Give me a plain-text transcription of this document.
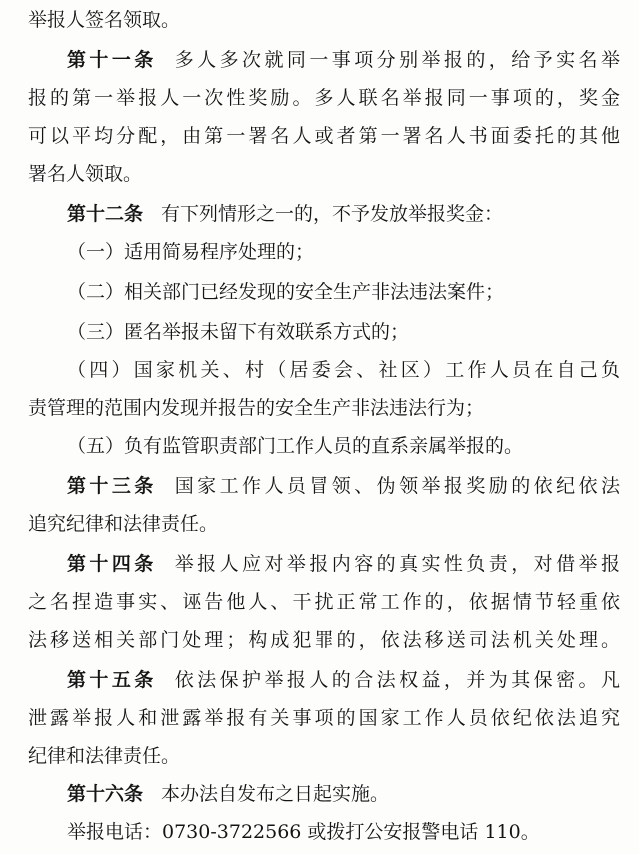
举报人签名领取。
第十一条 多人多次就同一事项分别举报的，给予实名举
报的第一举报人一次性奖励。多人联名举报同一事项的，奖金
可以平均分配，由第一署名人或者第一署名人书面委托的其他
署名人领取。
第十二条 有下列情形之一的，不予发放举报奖金：
（一）适用简易程序处理的；
（二）相关部门已经发现的安全生产非法违法案件；
（三）匿名举报未留下有效联系方式的；
（四）国家机关、村（居委会、社区）工作人员在自己负
责管理的范围内发现并报告的安全生产非法违法行为；
（五）负有监管职责部门工作人员的直系亲属举报的。
第十三条 国家工作人员冒领、伪领举报奖励的依纪依法
追究纪律和法律责任。
第十四条 举报人应对举报内容的真实性负责，对借举报
之名捏造事实、诬告他人、干扰正常工作的，依据情节轻重依
法移送相关部门处理；构成犯罪的，依法移送司法机关处理。
第十五条 依法保护举报人的合法权益，并为其保密。凡
泄露举报人和泄露举报有关事项的国家工作人员依纪依法追究
纪律和法律责任。
第十六条 本办法自发布之日起实施。
举报电话：0730-3722566 或拨打公安报警电话 110。
